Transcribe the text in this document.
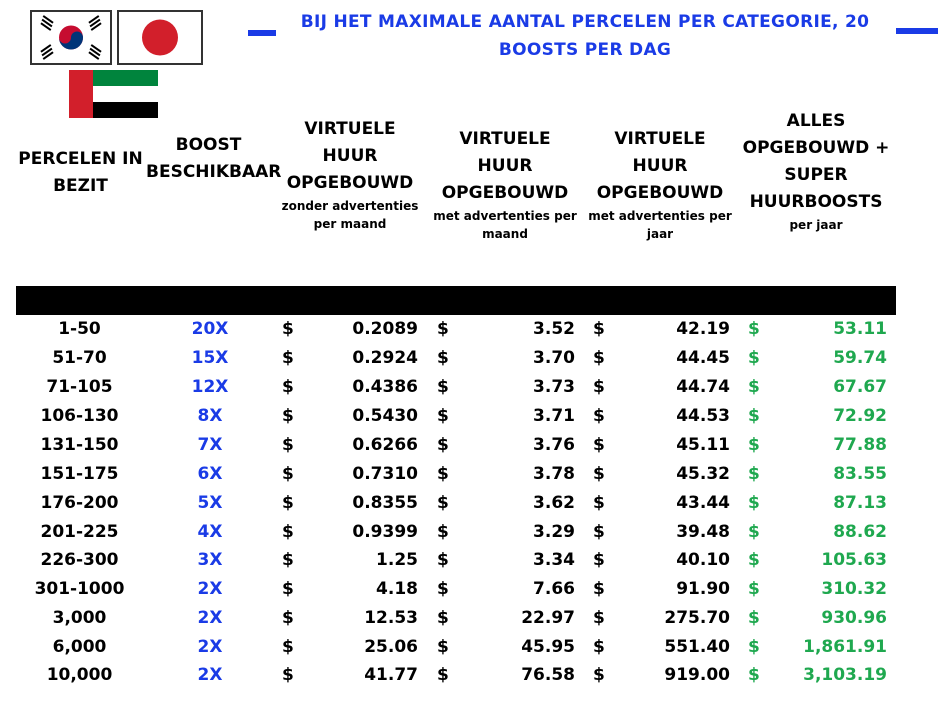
BIJ HET MAXIMALE AANTAL PERCELEN PER CATEGORIE, 20 BOOSTS PER DAG
PERCELEN IN BEZIT
BOOST BESCHIKBAAR
VIRTUELE HUUR OPGEBOUWD
zonder advertenties per maand
VIRTUELE HUUR OPGEBOUWD
met advertenties per maand
VIRTUELE HUUR OPGEBOUWD
met advertenties per jaar
ALLES OPGEBOUWD + SUPER HUURBOOSTS
per jaar
1-50	20X	$	0.2089 $	3.52 $	42.19 $	53.11
51-70	15X	$	0.2924 $	3.70 $	44.45 $	59.74
71-105	12X	$	0.4386 $	3.73 $	44.74 $	67.67
106-130	8X	$	0.5430 $	3.71 $	44.53 $	72.92
131-150	7X	$	0.6266 $	3.76 $	45.11 $	77.88
151-175	6X	$	0.7310 $	3.78 $	45.32 $	83.55
176-200	5X	$	0.8355 $	3.62 $	43.44 $	87.13
201-225	4X	$	0.9399 $	3.29 $	39.48 $	88.62
226-300	3X	$	1.25 $	3.34 $	40.10 $	105.63
301-1000	2X	$	4.18 $	7.66 $	91.90 $	310.32
3,000	2X	$	12.53 $	22.97 $	275.70 $	930.96
6,000	2X	$	25.06 $	45.95 $	551.40 $	1,861.91
10,000	2X	$	41.77 $	76.58 $	919.00 $	3,103.19
